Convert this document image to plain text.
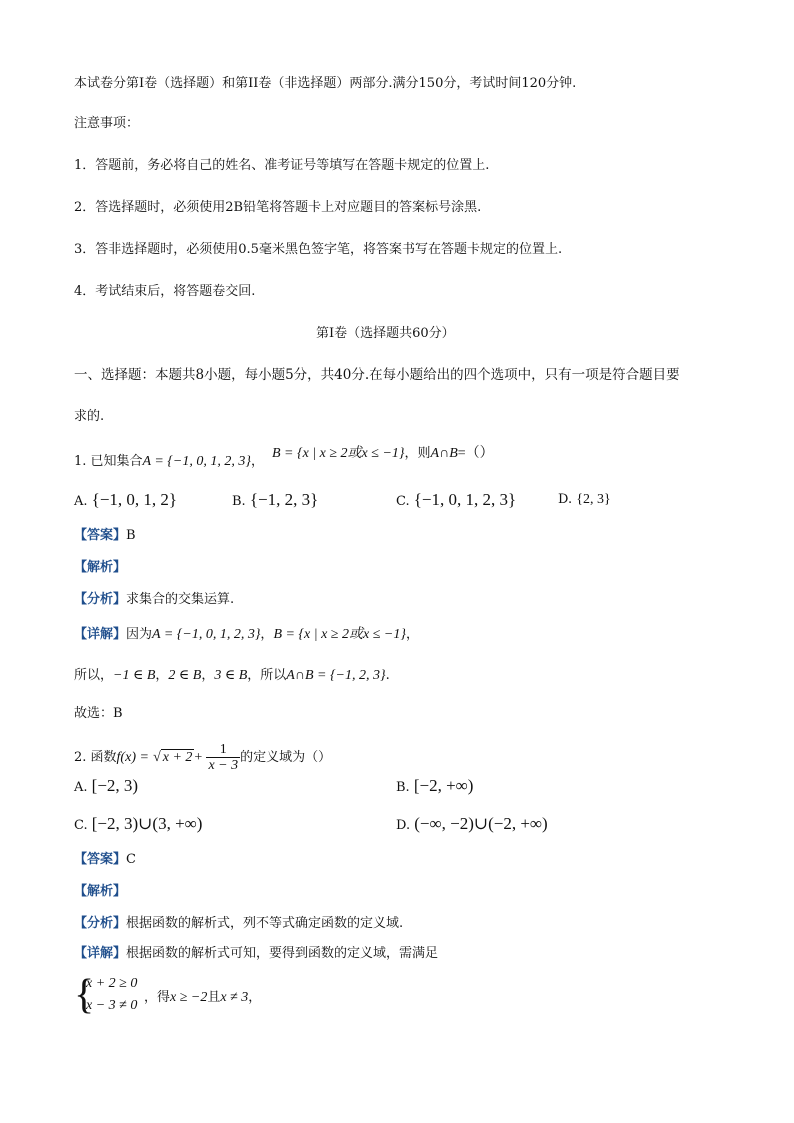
本试卷分第Ⅰ卷（选择题）和第II卷（非选择题）两部分.满分150分，考试时间120分钟.
注意事项：
1．答题前，务必将自己的姓名、准考证号等填写在答题卡规定的位置上.
2．答选择题时，必须使用2B铅笔将答题卡上对应题目的答案标号涂黑.
3．答非选择题时，必须使用0.5毫米黑色签字笔，将答案书写在答题卡规定的位置上.
4．考试结束后，将答题卷交回.
第Ⅰ卷（选择题共60分）
一、选择题：本题共8小题，每小题5分，共40分.在每小题给出的四个选项中，只有一项是符合题目要
求的.
1. 已知集合A = {−1, 0, 1, 2, 3}，
B = {x | x ≥ 2或x ≤ −1}，则A∩B=（）
A. {−1, 0, 1, 2}	B. {−1, 2, 3}	C. {−1, 0, 1, 2, 3}	D. {2, 3}
【答案】B
【解析】
【分析】求集合的交集运算.
【详解】因为A = {−1, 0, 1, 2, 3}，B = {x | x ≥ 2或x ≤ −1}，
所以，−1 ∈ B，2 ∈ B，3 ∈ B，所以A∩B = {−1, 2, 3}.
故选：B
2. 函数f(x) = √ $x + 2 + \frac{1}{x - 3}$ 的定义域为（）
A. [−2, 3)	B. [−2, +∞)
C. [−2, 3)∪(3, +∞)	D. (−∞, −2)∪(−2, +∞)
【答案】C
【解析】
【分析】根据函数的解析式，列不等式确定函数的定义域.
【详解】根据函数的解析式可知，要得到函数的定义域，需满足
{
x + 2 ≥ 0
x − 3 ≠ 0
，得x ≥ −2且x ≠ 3，
